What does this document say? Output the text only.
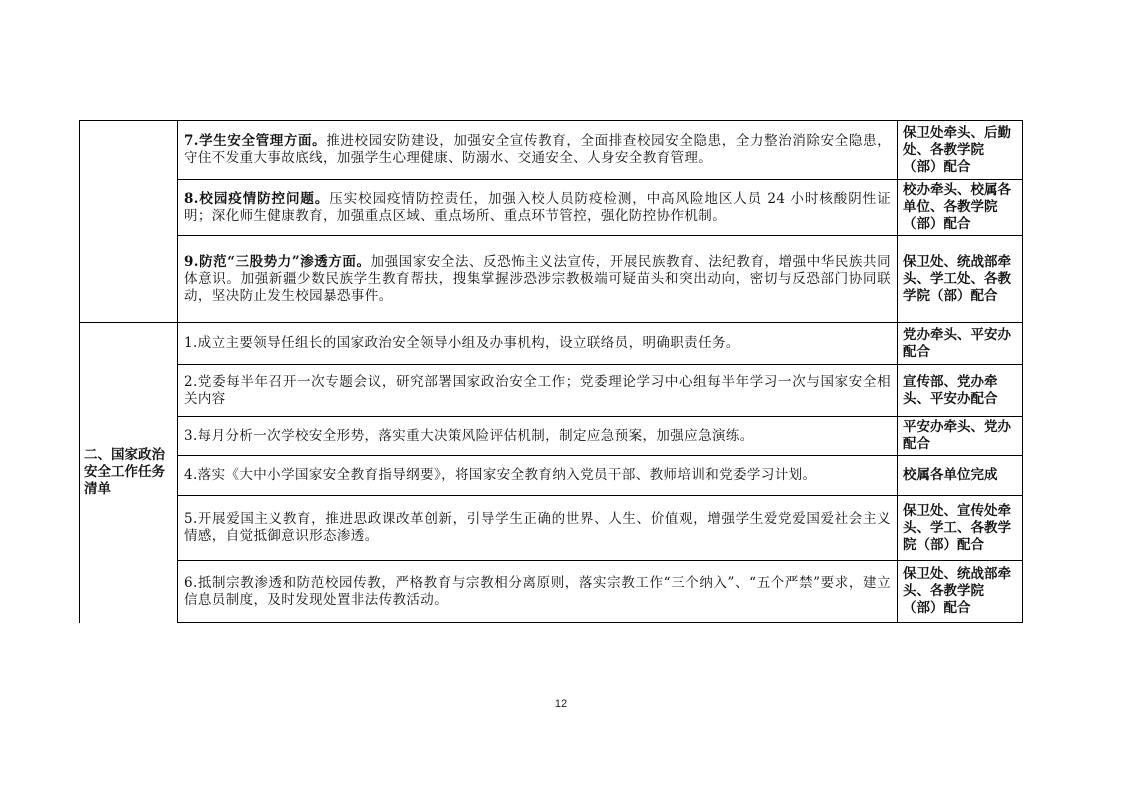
	7.学生安全管理方面。推进校园安防建设，加强安全宣传教育，全面排查校园安全隐患，全力整治消除安全隐患，守住不发重大事故底线，加强学生心理健康、防溺水、交通安全、人身安全教育管理。	保卫处牵头、后勤处、各教学院（部）配合
	8.校园疫情防控问题。压实校园疫情防控责任，加强入校人员防疫检测，中高风险地区人员 24 小时核酸阴性证明；深化师生健康教育，加强重点区域、重点场所、重点环节管控，强化防控协作机制。	校办牵头、校属各单位、各教学院（部）配合
	9.防范“三股势力”渗透方面。加强国家安全法、反恐怖主义法宣传，开展民族教育、法纪教育，增强中华民族共同体意识。加强新疆少数民族学生教育帮扶，搜集掌握涉恐涉宗教极端可疑苗头和突出动向，密切与反恐部门协同联动，坚决防止发生校园暴恐事件。	保卫处、统战部牵头、学工处、各教学院（部）配合
二、国家政治安全工作任务清单	1.成立主要领导任组长的国家政治安全领导小组及办事机构，设立联络员，明确职责任务。	党办牵头、平安办配合
	2.党委每半年召开一次专题会议，研究部署国家政治安全工作；党委理论学习中心组每半年学习一次与国家安全相关内容	宣传部、党办牵头、平安办配合
	3.每月分析一次学校安全形势，落实重大决策风险评估机制，制定应急预案，加强应急演练。	平安办牵头、党办配合
	4.落实《大中小学国家安全教育指导纲要》，将国家安全教育纳入党员干部、教师培训和党委学习计划。	校属各单位完成
	5.开展爱国主义教育，推进思政课改革创新，引导学生正确的世界、人生、价值观，增强学生爱党爱国爱社会主义情感，自觉抵御意识形态渗透。	保卫处、宣传处牵头、学工、各教学院（部）配合
	6.抵制宗教渗透和防范校园传教，严格教育与宗教相分离原则，落实宗教工作“三个纳入”、“五个严禁”要求，建立信息员制度，及时发现处置非法传教活动。	保卫处、统战部牵头、各教学院（部）配合
12
